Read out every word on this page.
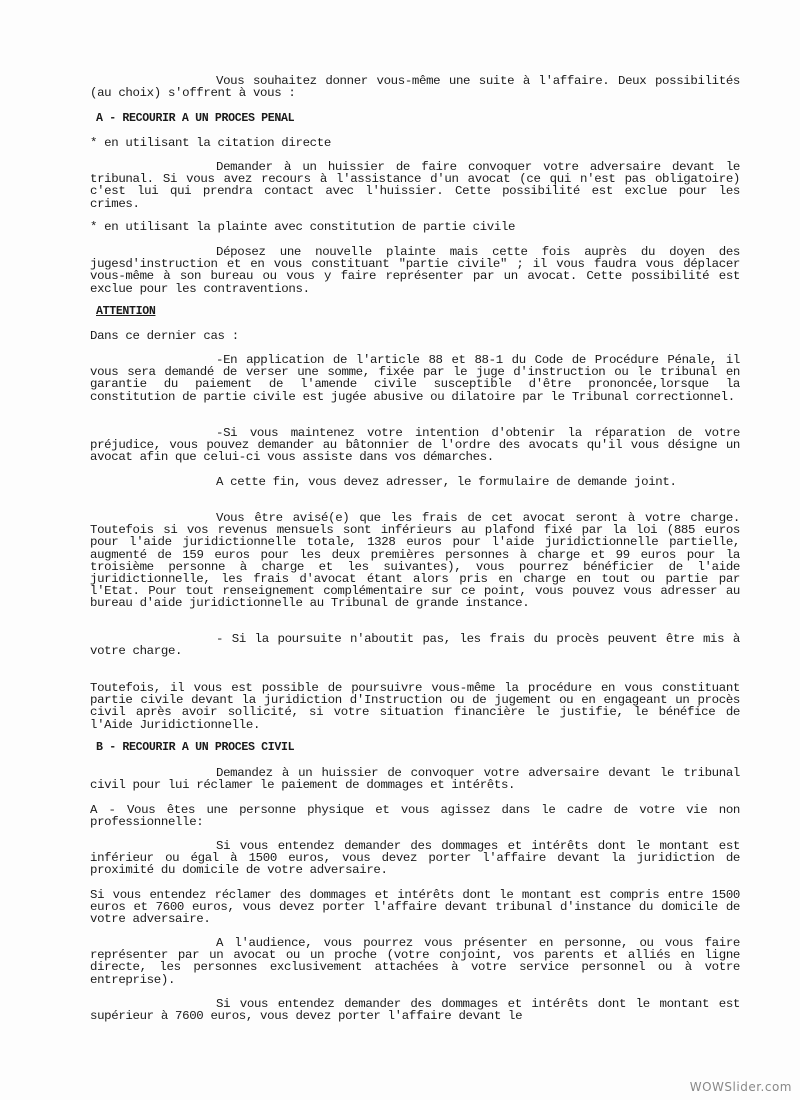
Vous souhaitez donner vous-même une suite à l'affaire. Deux possibilités (au choix) s'offrent à vous :
A - RECOURIR A UN PROCES PENAL
* en utilisant la citation directe
Demander à un huissier de faire convoquer votre adversaire devant le tribunal. Si vous avez recours à l'assistance d'un avocat (ce qui n'est pas obligatoire) c'est lui qui prendra contact avec l'huissier. Cette possibilité est exclue pour les crimes.
* en utilisant la plainte avec constitution de partie civile
Déposez une nouvelle plainte mais cette fois auprès du doyen des jugesd'instruction et en vous constituant "partie civile" ; il vous faudra vous déplacer vous-même à son bureau ou vous y faire représenter par un avocat. Cette possibilité est exclue pour les contraventions.
ATTENTION
Dans ce dernier cas :
-En application de l'article 88 et 88-1 du Code de Procédure Pénale, il vous sera demandé de verser une somme, fixée par le juge d'instruction ou le tribunal en garantie du paiement de l'amende civile susceptible d'être prononcée,lorsque la constitution de partie civile est jugée abusive ou dilatoire par le Tribunal correctionnel.
-Si vous maintenez votre intention d'obtenir la réparation de votre préjudice, vous pouvez demander au bâtonnier de l'ordre des avocats qu'il vous désigne un avocat afin que celui-ci vous assiste dans vos démarches.
A cette fin, vous devez adresser, le formulaire de demande joint.
Vous être avisé(e) que les frais de cet avocat seront à votre charge. Toutefois si vos revenus mensuels sont inférieurs au plafond fixé par la loi (885 euros pour l'aide juridictionnelle totale, 1328 euros pour l'aide juridictionnelle partielle, augmenté de 159 euros pour les deux premières personnes à charge et 99 euros pour la troisième personne à charge et les suivantes), vous pourrez bénéficier de l'aide juridictionnelle, les frais d'avocat étant alors pris en charge en tout ou partie par l'Etat. Pour tout renseignement complémentaire sur ce point, vous pouvez vous adresser au bureau d'aide juridictionnelle au Tribunal de grande instance.
- Si la poursuite n'aboutit pas, les frais du procès peuvent être mis à votre charge.
Toutefois, il vous est possible de poursuivre vous-même la procédure en vous constituant partie civile devant la juridiction d'Instruction ou de jugement ou en engageant un procès civil après avoir sollicité, si votre situation financière le justifie, le bénéfice de l'Aide Juridictionnelle.
B - RECOURIR A UN PROCES CIVIL
Demandez à un huissier de convoquer votre adversaire devant le tribunal civil pour lui réclamer le paiement de dommages et intérêts.
A - Vous êtes une personne physique et vous agissez dans le cadre de votre vie non professionnelle:
Si vous entendez demander des dommages et intérêts dont le montant est inférieur ou égal à 1500 euros, vous devez porter l'affaire devant la juridiction de proximité du domicile de votre adversaire.
Si vous entendez réclamer des dommages et intérêts dont le montant est compris entre 1500 euros et 7600 euros, vous devez porter l'affaire devant tribunal d'instance du domicile de votre adversaire.
A l'audience, vous pourrez vous présenter en personne, ou vous faire représenter par un avocat ou un proche (votre conjoint, vos parents et alliés en ligne directe, les personnes exclusivement attachées à votre service personnel ou à votre entreprise).
Si vous entendez demander des dommages et intérêts dont le montant est supérieur à 7600 euros, vous devez porter l'affaire devant le
WOWSlider.com
